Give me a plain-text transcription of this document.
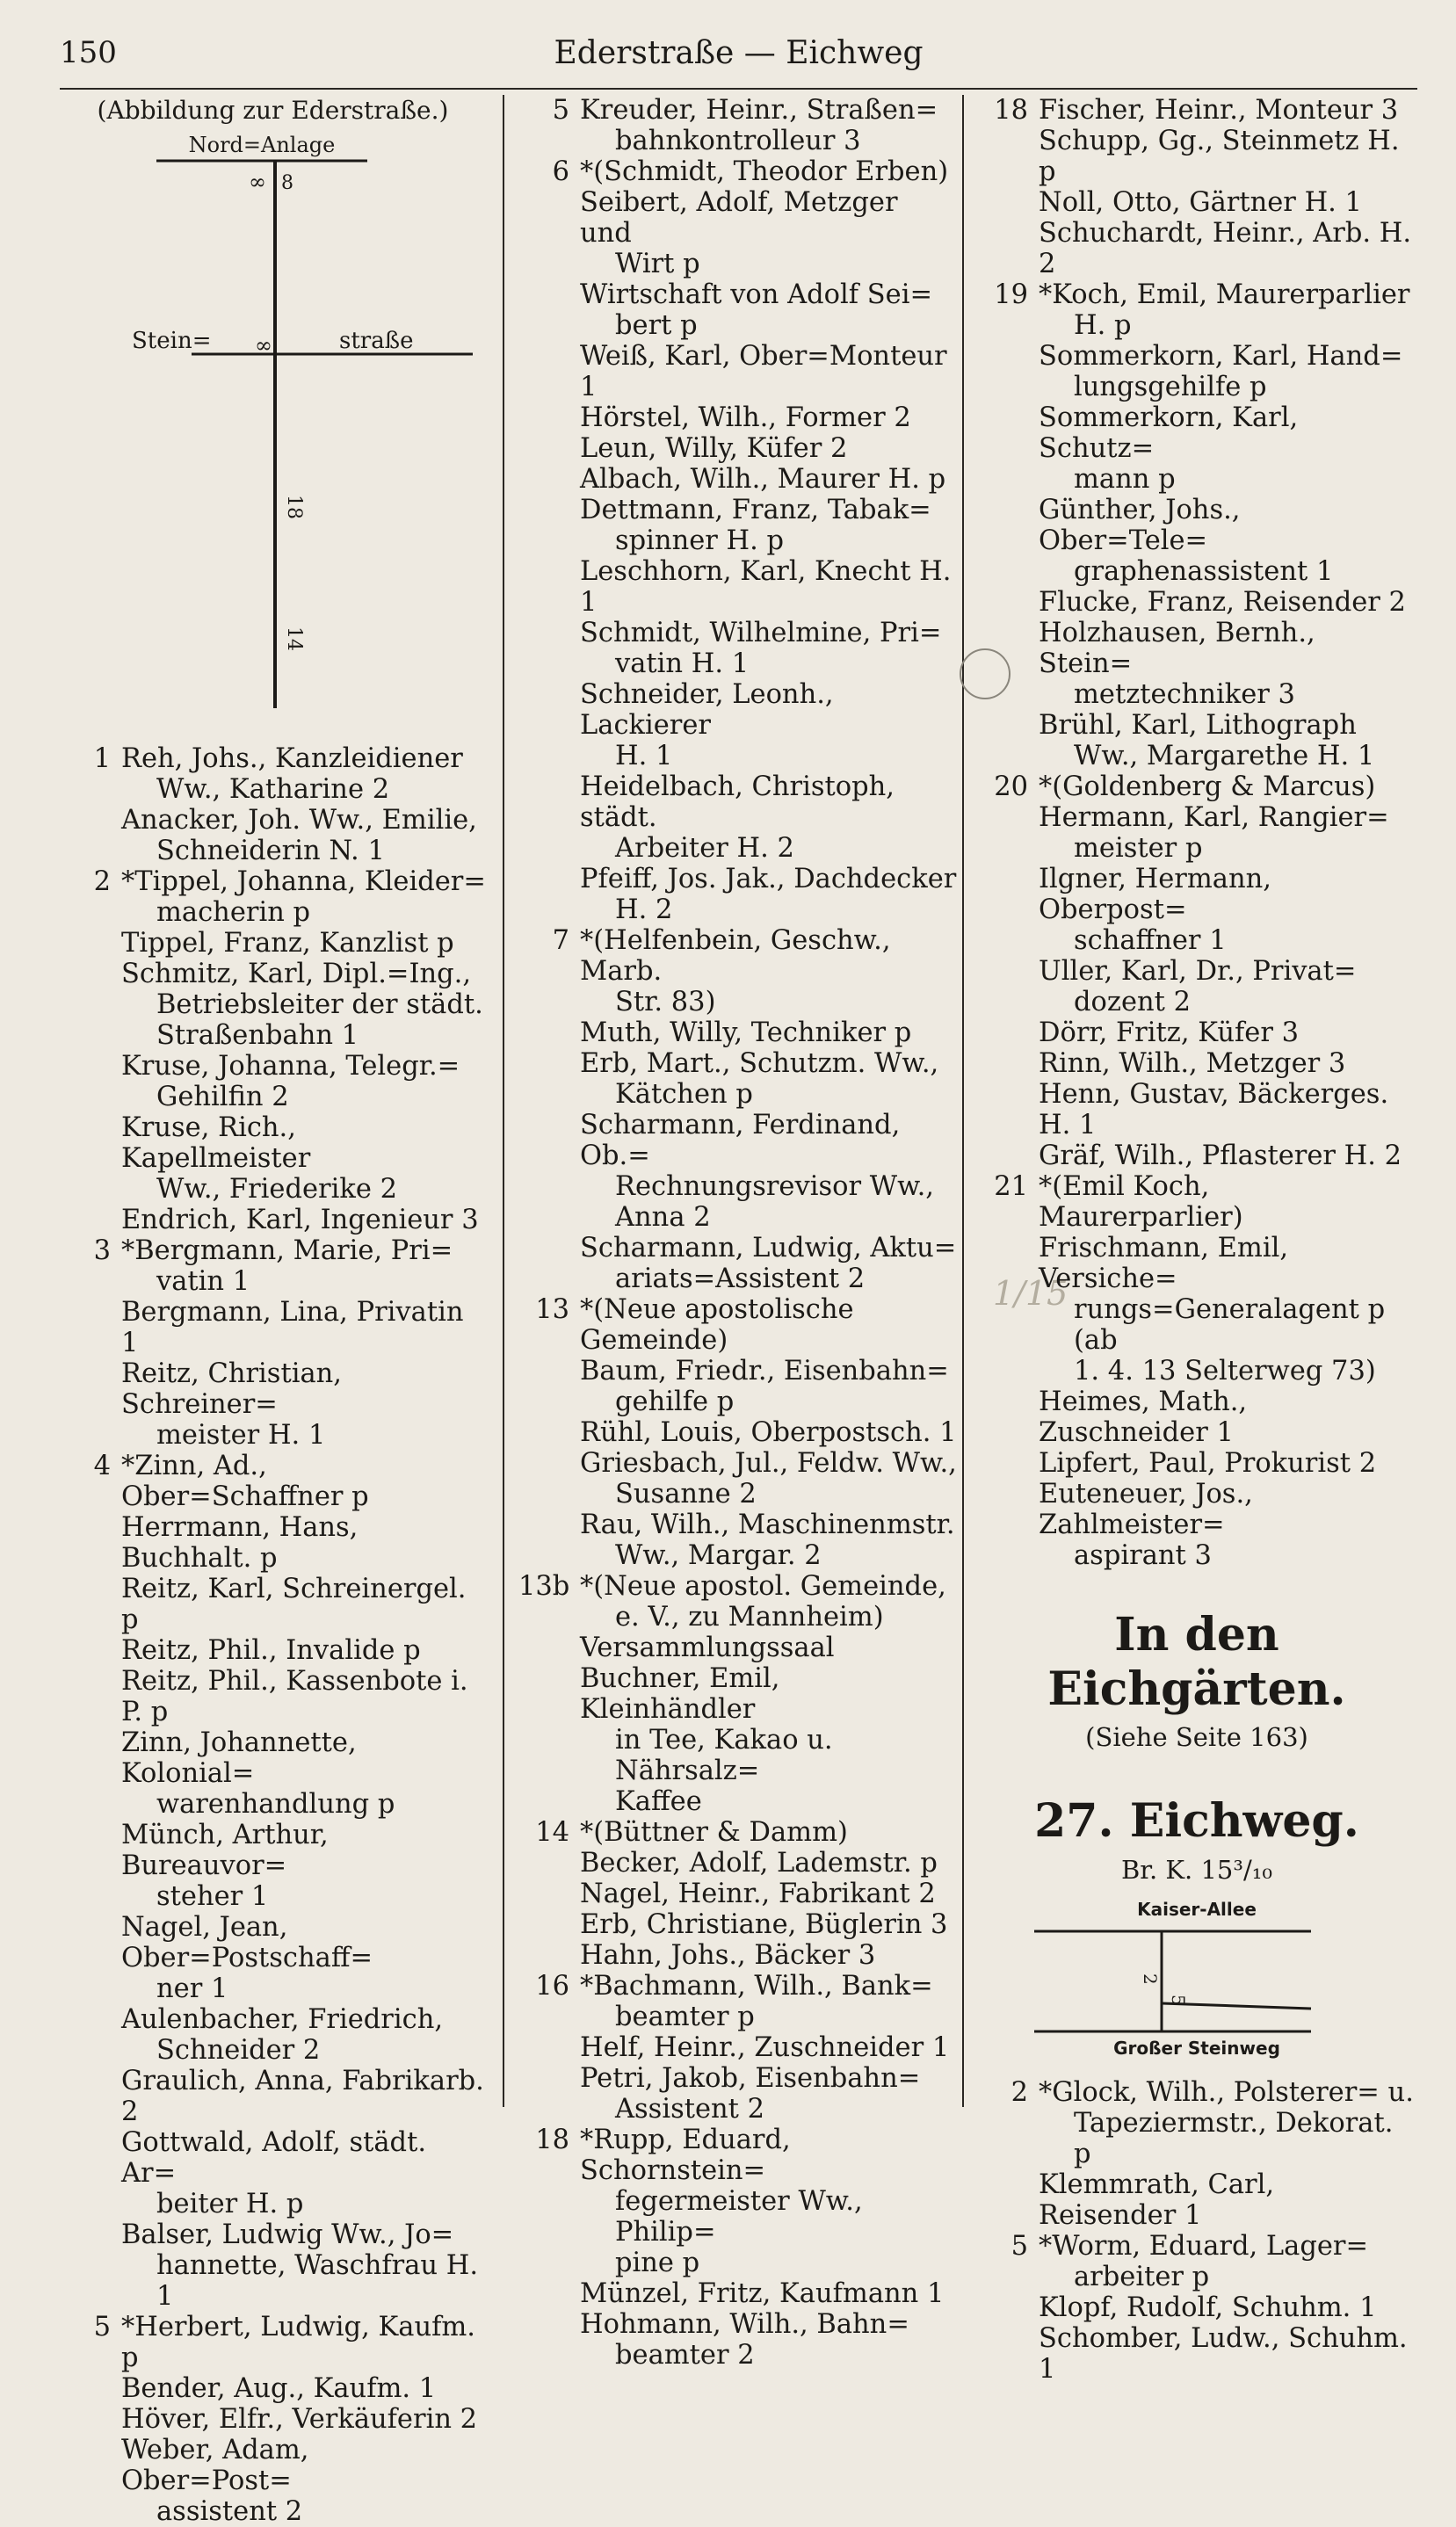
150	Ederstraße — Eichweg
1/15
(Abbildung zur Ederstraße.)
Nord=Anlage
Stein=	straße
∞
∞
8
18
14
1 Reh, Johs., Kanzleidiener
Ww., Katharine 2
Anacker, Joh. Ww., Emilie,
Schneiderin N. 1
2 *Tippel, Johanna, Kleider=
macherin p
Tippel, Franz, Kanzlist p
Schmitz, Karl, Dipl.=Ing.,
Betriebsleiter der städt.
Straßenbahn 1
Kruse, Johanna, Telegr.=
Gehilfin 2
Kruse, Rich., Kapellmeister
Ww., Friederike 2
Endrich, Karl, Ingenieur 3
3 *Bergmann, Marie, Pri=
vatin 1
Bergmann, Lina, Privatin 1
Reitz, Christian, Schreiner=
meister H. 1
4 *Zinn, Ad., Ober=Schaffner p
Herrmann, Hans, Buchhalt. p
Reitz, Karl, Schreinergel. p
Reitz, Phil., Invalide p
Reitz, Phil., Kassenbote i. P. p
Zinn, Johannette, Kolonial=
warenhandlung p
Münch, Arthur, Bureauvor=
steher 1
Nagel, Jean, Ober=Postschaff=
ner 1
Aulenbacher, Friedrich,
Schneider 2
Graulich, Anna, Fabrikarb. 2
Gottwald, Adolf, städt. Ar=
beiter H. p
Balser, Ludwig Ww., Jo=
hannette, Waschfrau H. 1
5 *Herbert, Ludwig, Kaufm. p
Bender, Aug., Kaufm. 1
Höver, Elfr., Verkäuferin 2
Weber, Adam, Ober=Post=
assistent 2
5 Kreuder, Heinr., Straßen=
bahnkontrolleur 3
6 *(Schmidt, Theodor Erben)
Seibert, Adolf, Metzger und
Wirt p
Wirtschaft von Adolf Sei=
bert p
Weiß, Karl, Ober=Monteur 1
Hörstel, Wilh., Former 2
Leun, Willy, Küfer 2
Albach, Wilh., Maurer H. p
Dettmann, Franz, Tabak=
spinner H. p
Leschhorn, Karl, Knecht H. 1
Schmidt, Wilhelmine, Pri=
vatin H. 1
Schneider, Leonh., Lackierer
H. 1
Heidelbach, Christoph, städt.
Arbeiter H. 2
Pfeiff, Jos. Jak., Dachdecker
H. 2
7 *(Helfenbein, Geschw., Marb.
Str. 83)
Muth, Willy, Techniker p
Erb, Mart., Schutzm. Ww.,
Kätchen p
Scharmann, Ferdinand, Ob.=
Rechnungsrevisor Ww.,
Anna 2
Scharmann, Ludwig, Aktu=
ariats=Assistent 2
13 *(Neue apostolische Gemeinde)
Baum, Friedr., Eisenbahn=
gehilfe p
Rühl, Louis, Oberpostsch. 1
Griesbach, Jul., Feldw. Ww.,
Susanne 2
Rau, Wilh., Maschinenmstr.
Ww., Margar. 2
13b *(Neue apostol. Gemeinde,
e. V., zu Mannheim)
Versammlungssaal
Buchner, Emil, Kleinhändler
in Tee, Kakao u. Nährsalz=
Kaffee
14 *(Büttner & Damm)
Becker, Adolf, Lademstr. p
Nagel, Heinr., Fabrikant 2
Erb, Christiane, Büglerin 3
Hahn, Johs., Bäcker 3
16 *Bachmann, Wilh., Bank=
beamter p
Helf, Heinr., Zuschneider 1
Petri, Jakob, Eisenbahn=
Assistent 2
18 *Rupp, Eduard, Schornstein=
fegermeister Ww., Philip=
pine p
Münzel, Fritz, Kaufmann 1
Hohmann, Wilh., Bahn=
beamter 2
18 Fischer, Heinr., Monteur 3
Schupp, Gg., Steinmetz H. p
Noll, Otto, Gärtner H. 1
Schuchardt, Heinr., Arb. H. 2
19 *Koch, Emil, Maurerparlier
H. p
Sommerkorn, Karl, Hand=
lungsgehilfe p
Sommerkorn, Karl, Schutz=
mann p
Günther, Johs., Ober=Tele=
graphenassistent 1
Flucke, Franz, Reisender 2
Holzhausen, Bernh., Stein=
metztechniker 3
Brühl, Karl, Lithograph
Ww., Margarethe H. 1
20 *(Goldenberg & Marcus)
Hermann, Karl, Rangier=
meister p
Ilgner, Hermann, Oberpost=
schaffner 1
Uller, Karl, Dr., Privat=
dozent 2
Dörr, Fritz, Küfer 3
Rinn, Wilh., Metzger 3
Henn, Gustav, Bäckerges. H. 1
Gräf, Wilh., Pflasterer H. 2
21 *(Emil Koch, Maurerparlier)
Frischmann, Emil, Versiche=
rungs=Generalagent p (ab
1. 4. 13 Selterweg 73)
Heimes, Math., Zuschneider 1
Lipfert, Paul, Prokurist 2
Euteneuer, Jos., Zahlmeister=
aspirant 3
In den Eichgärten.
(Siehe Seite 163)
27. Eichweg.
Br. K. 15³/₁₀
Kaiser-Allee
2
5
Großer Steinweg
2 *Glock, Wilh., Polsterer= u.
Tapeziermstr., Dekorat. p
Klemmrath, Carl, Reisender 1
5 *Worm, Eduard, Lager=
arbeiter p
Klopf, Rudolf, Schuhm. 1
Schomber, Ludw., Schuhm. 1
